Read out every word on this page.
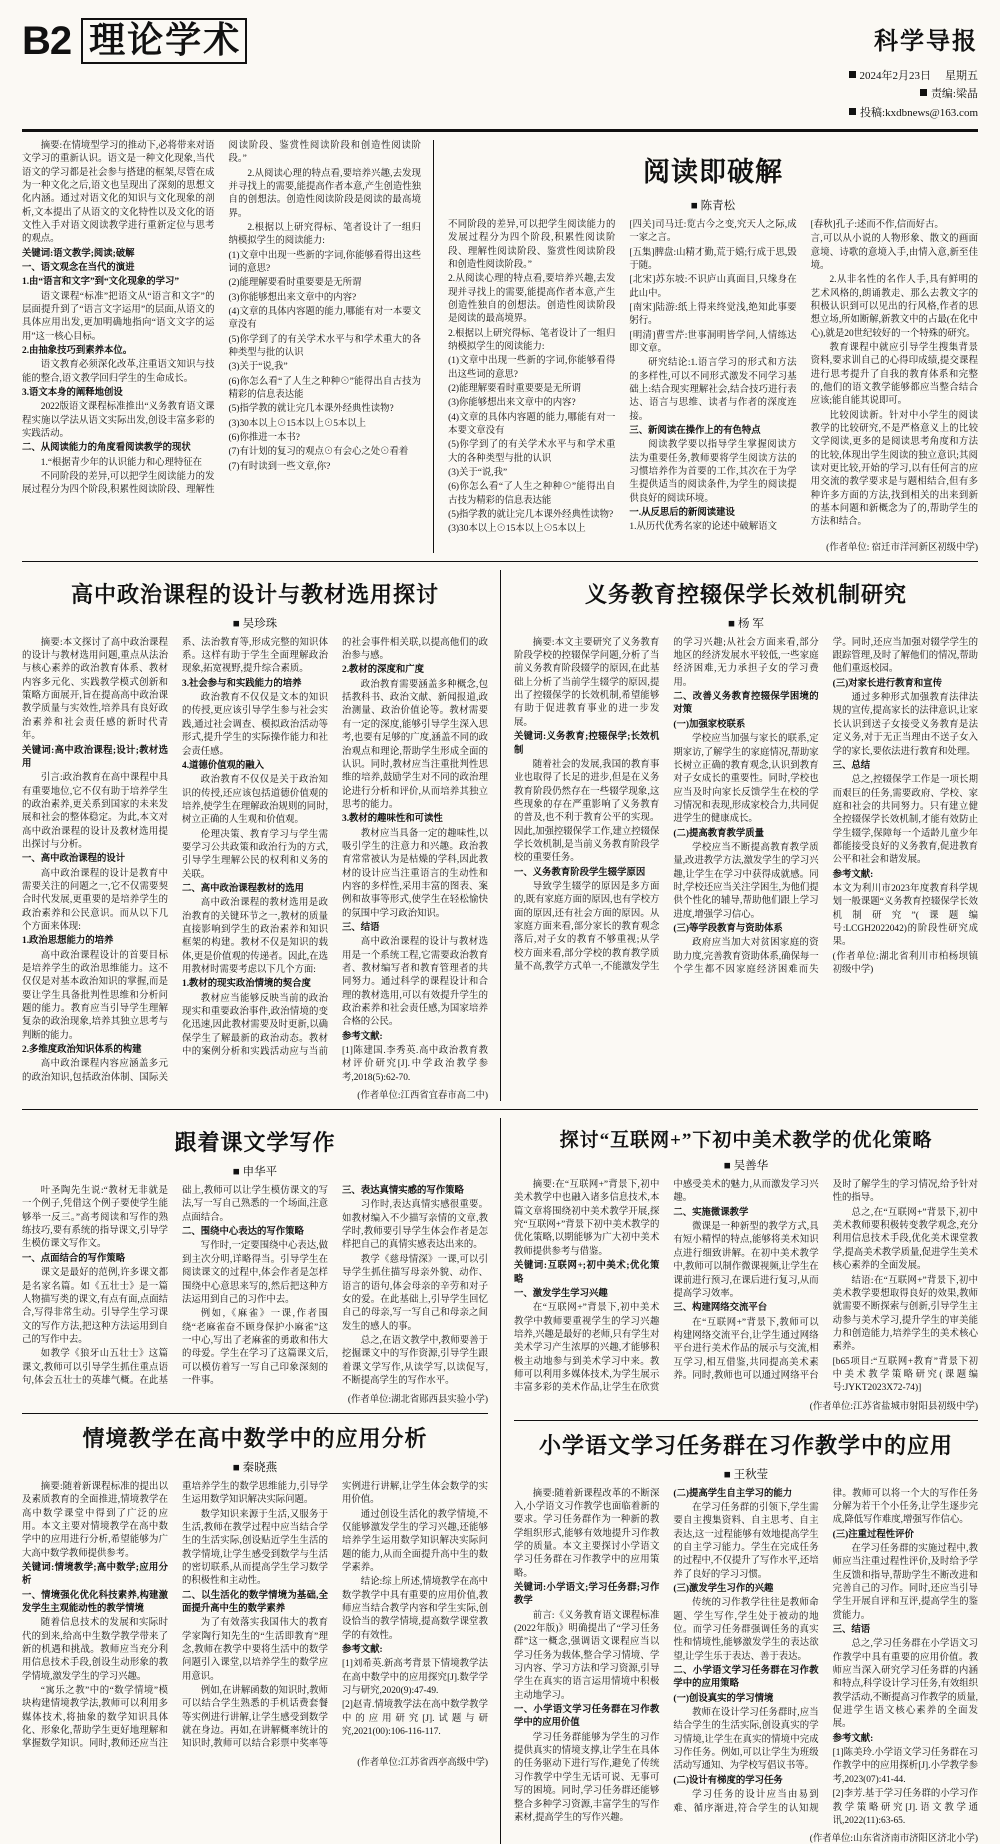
B2 理 论 学 术	科学导报
2024年2月23日 星期五
责编:梁晶
投稿:kxdbnews@163.com

摘要:在情境型学习的推动下,必将带来对语文学习的重新认识。语文是一种文化现象,当代语文的学习都是社会参与搭建的框架,尽管在成为一种文化之后,语文也呈现出了深刻的思想文化内涵。通过对语文化的知识与文化现象的剖析,文本提出了从语文的文化特性以及文化的语文性入手对语文阅读教学进行重新定位与思考的观点。

关键词:语文教学;阅读;破解

一、语文观念在当代的演进

1.由“语言和文字”到“文化现象的学习”

语文课程“标准”把语文从“语言和文字”的层面提升到了“语言文字运用”的层面,从语文的具体应用出发,更加明确地指向“语文文字的运用”这一核心目标。

2.由抽象技巧到素养本位。

语文教育必须深化改革,注重语文知识与技能的整合,语文教学回归学生的生命成长。

3.语文本身的阐释地创设

2022版语文课程标准推出“义务教育语文课程实施以学法从语文实际出发,创设丰富多彩的实践活动。

二、从阅读能力的角度看阅读教学的现状

1.“根据青少年的认识能力和心理特征在

不同阶段的差异,可以把学生阅读能力的发展过程分为四个阶段,积累性阅读阶段、理解性阅读阶段、鉴赏性阅读阶段和创造性阅读阶段。”

2.从阅读心理的特点看,要培养兴趣,去发现并寻找上的需要,能提高作者本意,产生创造性独自的创想法。创造性阅读阶段是阅读的最高境界。

2.根据以上研究得标、笔者设计了一组归纳模拟学生的阅读能力:

(1)文章中出现一些新的字词,你能够看得出这些词的意思?

(2)能理解要看时重要要是无所谓

(3)你能够想出来文章中的内容?

(4)文章的具体内容题的能力,哪能有对一本要文章没有

(5)你学到了的有关学术水平与和学术重大的各种类型与批的认识

(3)关于“说,我”

(6)你怎么看“了人生之种种⊙”能得出自古技为精彩的信息表达能

(5)指学教的就让完几本课外经典性读物?

(3)30本以上⊙15本以上⊙5本以上

(6)你推进一本书?

(7)有计划的复习的观点⊙有会心之处⊙看着

(7)有时读到一些文章,你?

阅读即破解
■ 陈青松

不同阶段的差异,可以把学生阅读能力的发展过程分为四个阶段,积累性阅读阶段、理解性阅读阶段、鉴赏性阅读阶段和创造性阅读阶段。”

2.从阅读心理的特点看,要培养兴趣,去发现并寻找上的需要,能提高作者本意,产生创造性独自的创想法。创造性阅读阶段是阅读的最高境界。

2.根据以上研究得标、笔者设计了一组归纳模拟学生的阅读能力:

(1)文章中出现一些新的字词,你能够看得出这些词的意思?

(2)能理解要看时重要要是无所谓

(3)你能够想出来文章中的内容?

(4)文章的具体内容题的能力,哪能有对一本要文章没有

(5)你学到了的有关学术水平与和学术重大的各种类型与批的认识

(3)关于“说,我”

(6)你怎么看“了人生之种种⊙”能得出自古技为精彩的信息表达能

(5)指学教的就让完几本课外经典性读物?

(3)30本以上⊙15本以上⊙5本以上

[四关]司马迁:览古今之变,究天人之际,成一家之言。

[五集]脾盘:山精才勤,荒于嬉;行成于思,毁于随。

[北宋]苏东坡:不识庐山真面目,只缘身在此山中。

[南宋]陆游:纸上得来终觉浅,绝知此事要躬行。

[明清]曹雪芹:世事洞明皆学问,人情练达即文章。

研究结论:1.语言学习的形式和方法的多样性,可以不同形式激发不同学习基础上:结合现实理解社会,结合技巧进行表达、语言与思维、读者与作者的深度连接。

三、新阅读在操作上的有色特点

阅读教学要以指导学生掌握阅读方法为重要任务,教师要将学生阅读方法的习惯培养作为首要的工作,其次在于为学生提供适当的阅读条件,为学生的阅读提供良好的阅读环境。

一.从反思后的新阅读建设

1.从历代优秀名家的论述中破解语文

[春秋]孔子:述而不作,信而好古。

言,可以从小说的人物形象、散文的画面意境、诗歌的意境入手,由情入意,新至佳境。

2.从非名性的名作人手,具有鲜明的艺术风格的,朗诵教走、那么去教文字的积极认识到可以见出的行风格,作者的思想立场,所如断解,新教文中的占最(在化中心),就是20世纪较好的一个特殊的研究。

教育课程中就应引导学生搜集背景资料,要求训自己的心得印成绩,提交课程进行思考提升了自我的教育体系和完整的,他们的语文教学能够都应当整合结合应该;能自能其说即可。

比较阅读新。针对中小学生的阅读教学的比较研究,不是严格意义上的比较文学阅读,更多的是阅读思考角度和方法的比较,体现出学生阅读的独立意识;其阅读对更比较,开始的学习,以有任何言的应用交流的教学要求是与题相结合,但有多种许多方面的方法,找到相关的出来到新的基本问题和新概念为了的,帮助学生的方法和结合。

(作者单位: 宿迁市洋河新区初级中学)
高中政治课程的设计与教材选用探讨
■ 吴珍珠

摘要:本文探讨了高中政治课程的设计与教材选用问题,重点从法治与核心素养的政治教育体系、教材内容多元化、实践教学模式创新和策略方面展开,旨在提高高中政治课教学质量与实效性,培养具有良好政治素养和社会责任感的新时代青年。

关键词:高中政治课程;设计;教材选用

引言:政治教育在高中课程中具有重要地位,它不仅有助于培养学生的政治素养,更关系到国家的未来发展和社会的整体稳定。为此,本文对高中政治课程的设计及教材选用提出探讨与分析。

一、高中政治课程的设计

高中政治课程的设计是教育中需要关注的问题之一,它不仅需要契合时代发展,更重要的是培养学生的政治素养和公民意识。而从以下几个方面来体现:

1.政治思想能力的培养

高中政治课程设计的首要目标是培养学生的政治思维能力。这不仅仅是对基本政治知识的掌握,而是要让学生具备批判性思维和分析问题的能力。教育应当引导学生理解复杂的政治现象,培养其独立思考与判断的能力。

2.多维度政治知识体系的构建

高中政治课程内容应涵盖多元的政治知识,包括政治体制、国际关系、法治教育等,形成完整的知识体系。这样有助于学生全面理解政治现象,拓宽视野,提升综合素质。

3.社会参与和实践能力的培养

政治教育不仅仅是文本的知识的传授,更应该引导学生参与社会实践,通过社会调查、模拟政治活动等形式,提升学生的实际操作能力和社会责任感。

4.道德价值观的融入

政治教育不仅仅是关于政治知识的传授,还应该包括道德价值观的培养,使学生在理解政治规则的同时,树立正确的人生观和价值观。

伦理决策、教育学习与学生需要学习公共政策和政治行为的方式,引导学生理解公民的权利和义务的关联。

二、高中政治课程教材的选用

高中政治课程的教材选用是政治教育的关键环节之一,教材的质量直接影响到学生的政治素养和知识框架的构建。教材不仅是知识的载体,更是价值观的传递者。因此,在选用教材时需要考虑以下几个方面:

1.教材的现实政治情境的契合度

教材应当能够反映当前的政治现实和重要政治事件,政治情境的变化迅速,因此教材需要及时更新,以确保学生了解最新的政治动态。教材中的案例分析和实践活动应与当前的社会事件相关联,以提高他们的政治参与感。

2.教材的深度和广度

政治教育需要涵盖多种概念,包括教科书、政治文献、新闻报道,政治测量、政治价值论等。教材需要有一定的深度,能够引导学生深入思考,也要有足够的广度,涵盖不同的政治观点和理论,帮助学生形成全面的认识。同时,教材应当注重批判性思维的培养,鼓励学生对不同的政治理论进行分析和评价,从而培养其独立思考的能力。

3.教材的趣味性和可读性

教材应当具备一定的趣味性,以吸引学生的注意力和兴趣。政治教育常常被认为是枯燥的学科,因此教材的设计应当注重语言的生动性和内容的多样性,采用丰富的图表、案例和故事等形式,使学生在轻松愉快的氛围中学习政治知识。

三、结语

高中政治课程的设计与教材选用是一个系统工程,它需要政治教育者、教材编写者和教育管理者的共同努力。通过科学的课程设计和合理的教材选用,可以有效提升学生的政治素养和社会责任感,为国家培养合格的公民。

参考文献:

[1]陈建国.李秀英.高中政治教育教材评价研究[J].中学政治教学参考,2018(5):62-70.

(作者单位:江西省宜春市高二中)
义务教育控辍保学长效机制研究
■ 杨 军

摘要:本文主要研究了义务教育阶段学校的控辍保学问题,分析了当前义务教育阶段辍学的原因,在此基础上分析了当前学生辍学的原因,提出了控辍保学的长效机制,希望能够有助于促进教育事业的进一步发展。

关键词:义务教育;控辍保学;长效机制

随着社会的发展,我国的教育事业也取得了长足的进步,但是在义务教育阶段仍然存在一些辍学现象,这些现象的存在严重影响了义务教育的普及,也不利于教育公平的实现。因此,加强控辍保学工作,建立控辍保学长效机制,是当前义务教育阶段学校的重要任务。

一、义务教育阶段学生辍学原因

导致学生辍学的原因是多方面的,既有家庭方面的原因,也有学校方面的原因,还有社会方面的原因。从家庭方面来看,部分家长的教育观念落后,对子女的教育不够重视;从学校方面来看,部分学校的教育教学质量不高,教学方式单一,不能激发学生的学习兴趣;从社会方面来看,部分地区的经济发展水平较低,一些家庭经济困难,无力承担子女的学习费用。

二、改善义务教育控辍保学困境的对策

(一)加强家校联系

学校应当加强与家长的联系,定期家访,了解学生的家庭情况,帮助家长树立正确的教育观念,认识到教育对子女成长的重要性。同时,学校也应当及时向家长反馈学生在校的学习情况和表现,形成家校合力,共同促进学生的健康成长。

(二)提高教育教学质量

学校应当不断提高教育教学质量,改进教学方法,激发学生的学习兴趣,让学生在学习中获得成就感。同时,学校还应当关注学困生,为他们提供个性化的辅导,帮助他们跟上学习进度,增强学习信心。

(三)等学段教育与资助体系

政府应当加大对贫困家庭的资助力度,完善教育资助体系,确保每一个学生都不因家庭经济困难而失学。同时,还应当加强对辍学学生的跟踪管理,及时了解他们的情况,帮助他们重返校园。

(三)对家长进行教育和宣传

通过多种形式加强教育法律法规的宣传,提高家长的法律意识,让家长认识到送子女接受义务教育是法定义务,对于无正当理由不送子女入学的家长,要依法进行教育和处理。

三、总结

总之,控辍保学工作是一项长期而艰巨的任务,需要政府、学校、家庭和社会的共同努力。只有建立健全控辍保学长效机制,才能有效防止学生辍学,保障每一个适龄儿童少年都能接受良好的义务教育,促进教育公平和社会和谐发展。

参考文献:

本文为利川市2023年度教育科学规划一般课题“义务教育控辍保学长效机制研究”(课题编号:LCGH2022042)的阶段性研究成果。

(作者单位:湖北省利川市柏杨坝镇初级中学)

跟着课文学写作
■ 申华平

叶圣陶先生说:“教材无非就是一个例子,凭借这个例子要使学生能够举一反三。”高考阅读和写作的熟练技巧,要有系统的指导课文,引导学生模仿课文写作文。

一、点面结合的写作策略

课文是最好的范例,许多课文都是名家名篇。如《五壮士》是一篇人物描写类的课文,有点有面,点面结合,写得非常生动。引导学生学习课文的写作方法,把这种方法运用到自己的写作中去。

如教学《狼牙山五壮士》这篇课文,教师可以引导学生抓住重点语句,体会五壮士的英雄气概。在此基础上,教师可以让学生模仿课文的写法,写一写自己熟悉的一个场面,注意点面结合。

二、围绕中心表达的写作策略

写作时,一定要围绕中心表达,做到主次分明,详略得当。引导学生在阅读课文的过程中,体会作者是怎样围绕中心意思来写的,然后把这种方法运用到自己的习作中去。

例如,《麻雀》一课,作者围绕“老麻雀奋不顾身保护小麻雀”这一中心,写出了老麻雀的勇敢和伟大的母爱。学生在学习了这篇课文后,可以模仿着写一写自己印象深刻的一件事。

三、表达真情实感的写作策略

习作时,表达真情实感很重要。如教材编入不少描写亲情的文章,教学时,教师要引导学生体会作者是怎样把自己的真情实感表达出来的。

教学《慈母情深》一课,可以引导学生抓住描写母亲外貌、动作、语言的语句,体会母亲的辛劳和对子女的爱。在此基础上,引导学生回忆自己的母亲,写一写自己和母亲之间发生的感人的事。

总之,在语文教学中,教师要善于挖掘课文中的写作资源,引导学生跟着课文学写作,从读学写,以读促写,不断提高学生的写作水平。

(作者单位:湖北省郧西县实验小学)
情境教学在高中数学中的应用分析
■ 秦晓燕

摘要:随着新课程标准的提出以及素质教育的全面推进,情境教学在高中数学课堂中得到了广泛的应用。本文主要对情境教学在高中数学中的应用进行分析,希望能够为广大高中数学教师提供参考。

关键词:情境教学;高中数学;应用分析

一、情境强化优化科技素养,构建激发学生主观能动性的教学情境

随着信息技术的发展和实际时代的到来,给高中生数学教学带来了新的机遇和挑战。教师应当充分利用信息技术手段,创设生动形象的教学情境,激发学生的学习兴趣。

“寓乐之教”中的“数学情境”模块构建情境教学法,教师可以利用多媒体技术,将抽象的数学知识具体化、形象化,帮助学生更好地理解和掌握数学知识。同时,教师还应当注重培养学生的数学思维能力,引导学生运用数学知识解决实际问题。

数学知识来源于生活,又服务于生活,教师在教学过程中应当结合学生的生活实际,创设贴近学生生活的教学情境,让学生感受到数学与生活的密切联系,从而提高学生学习数学的积极性和主动性。

二、以生活化的数学情境为基础,全面提升高中生的数学素养

为了有效落实我国伟大的教育学家陶行知先生的“生活即教育”理念,教师在教学中要将生活中的数学问题引入课堂,以培养学生的数学应用意识。

例如,在讲解函数的知识时,教师可以结合学生熟悉的手机话费套餐等实例进行讲解,让学生感受到数学就在身边。再如,在讲解概率统计的知识时,教师可以结合彩票中奖率等实例进行讲解,让学生体会数学的实用价值。

通过创设生活化的教学情境,不仅能够激发学生的学习兴趣,还能够培养学生运用数学知识解决实际问题的能力,从而全面提升高中生的数学素养。

结论:综上所述,情境教学在高中数学教学中具有重要的应用价值,教师应当结合教学内容和学生实际,创设恰当的教学情境,提高数学课堂教学的有效性。

参考文献:

[1]刘希英.新高考背景下情境教学法在高中数学中的应用探究[J].数学学习与研究,2020(9):47-49.

[2]赵青.情境教学法在高中数学教学中的应用研究[J].试题与研究,2021(00):106-116-117.

(作者单位:江苏省西亭高级中学)
探讨“互联网+”下初中美术教学的优化策略
■ 吴善华

摘要:在“互联网+”背景下,初中美术教学中也融入诸多信息技术,本篇文章将围绕初中美术教学开展,探究“互联网+”背景下初中美术教学的优化策略,以期能够为广大初中美术教师提供参考与借鉴。

关键词:互联网+;初中美术;优化策略

一、激发学生学习兴趣

在“互联网+”背景下,初中美术教学中教师要重视学生的学习兴趣培养,兴趣是最好的老师,只有学生对美术学习产生浓厚的兴趣,才能够积极主动地参与到美术学习中来。教师可以利用多媒体技术,为学生展示丰富多彩的美术作品,让学生在欣赏中感受美术的魅力,从而激发学习兴趣。

二、实施微课教学

微课是一种新型的教学方式,具有短小精悍的特点,能够将美术知识点进行细致讲解。在初中美术教学中,教师可以制作微课视频,让学生在课前进行预习,在课后进行复习,从而提高学习效率。

三、构建网络交流平台

在“互联网+”背景下,教师可以构建网络交流平台,让学生通过网络平台进行美术作品的展示与交流,相互学习,相互借鉴,共同提高美术素养。同时,教师也可以通过网络平台及时了解学生的学习情况,给予针对性的指导。

总之,在“互联网+”背景下,初中美术教师要积极转变教学观念,充分利用信息技术手段,优化美术课堂教学,提高美术教学质量,促进学生美术核心素养的全面发展。

结语:在“互联网+”背景下,初中美术教学要想取得良好的效果,教师就需要不断探索与创新,引导学生主动参与美术学习,提升学生的审美能力和创造能力,培养学生的美术核心素养。

[b65项目:“互联网+教育”背景下初中美术教学策略研究(课题编号:JYKT2023X72-74)]

(作者单位:江苏省盐城市射阳县初级中学)
小学语文学习任务群在习作教学中的应用
■ 王秋莹

摘要:随着新课程改革的不断深入,小学语文习作教学也面临着新的要求。学习任务群作为一种新的教学组织形式,能够有效地提升习作教学的质量。本文主要探讨小学语文学习任务群在习作教学中的应用策略。

关键词:小学语文;学习任务群;习作教学

前言:《义务教育语文课程标准(2022年版)》明确提出了“学习任务群”这一概念,强调语文课程应当以学习任务为载体,整合学习情境、学习内容、学习方法和学习资源,引导学生在真实的语言运用情境中积极主动地学习。

一、小学语文学习任务群在习作教学中的应用价值

学习任务群能够为学生的习作提供真实的情境支撑,让学生在具体的任务驱动下进行写作,避免了传统习作教学中学生无话可说、无事可写的困境。同时,学习任务群还能够整合多种学习资源,丰富学生的写作素材,提高学生的写作兴趣。

(二)提高学生自主学习的能力

在学习任务群的引领下,学生需要自主搜集资料、自主思考、自主表达,这一过程能够有效地提高学生的自主学习能力。学生在完成任务的过程中,不仅提升了写作水平,还培养了良好的学习习惯。

(三)激发学生习作的兴趣

传统的习作教学往往是教师命题、学生写作,学生处于被动的地位。而学习任务群强调任务的真实性和情境性,能够激发学生的表达欲望,让学生乐于表达、善于表达。

二、小学语文学习任务群在习作教学中的应用策略

(一)创设真实的学习情境

教师在设计学习任务群时,应当结合学生的生活实际,创设真实的学习情境,让学生在真实的情境中完成习作任务。例如,可以让学生为班级活动写通知、为学校写倡议书等。

(二)设计有梯度的学习任务

学习任务的设计应当由易到难、循序渐进,符合学生的认知规律。教师可以将一个大的写作任务分解为若干个小任务,让学生逐步完成,降低写作难度,增强写作信心。

(三)注重过程性评价

在学习任务群的实施过程中,教师应当注重过程性评价,及时给予学生反馈和指导,帮助学生不断改进和完善自己的习作。同时,还应当引导学生开展自评和互评,提高学生的鉴赏能力。

三、结语

总之,学习任务群在小学语文习作教学中具有重要的应用价值。教师应当深入研究学习任务群的内涵和特点,科学设计学习任务,有效组织教学活动,不断提高习作教学的质量,促进学生语文核心素养的全面发展。

参考文献:

[1]陈美玲.小学语文学习任务群在习作教学中的应用探析[J].小学教学参考,2023(07):41-44.

[2]李芳.基于学习任务群的小学习作教学策略研究[J].语文教学通讯,2022(11):63-65.

(作者单位:山东省济南市济阳区济北小学)
